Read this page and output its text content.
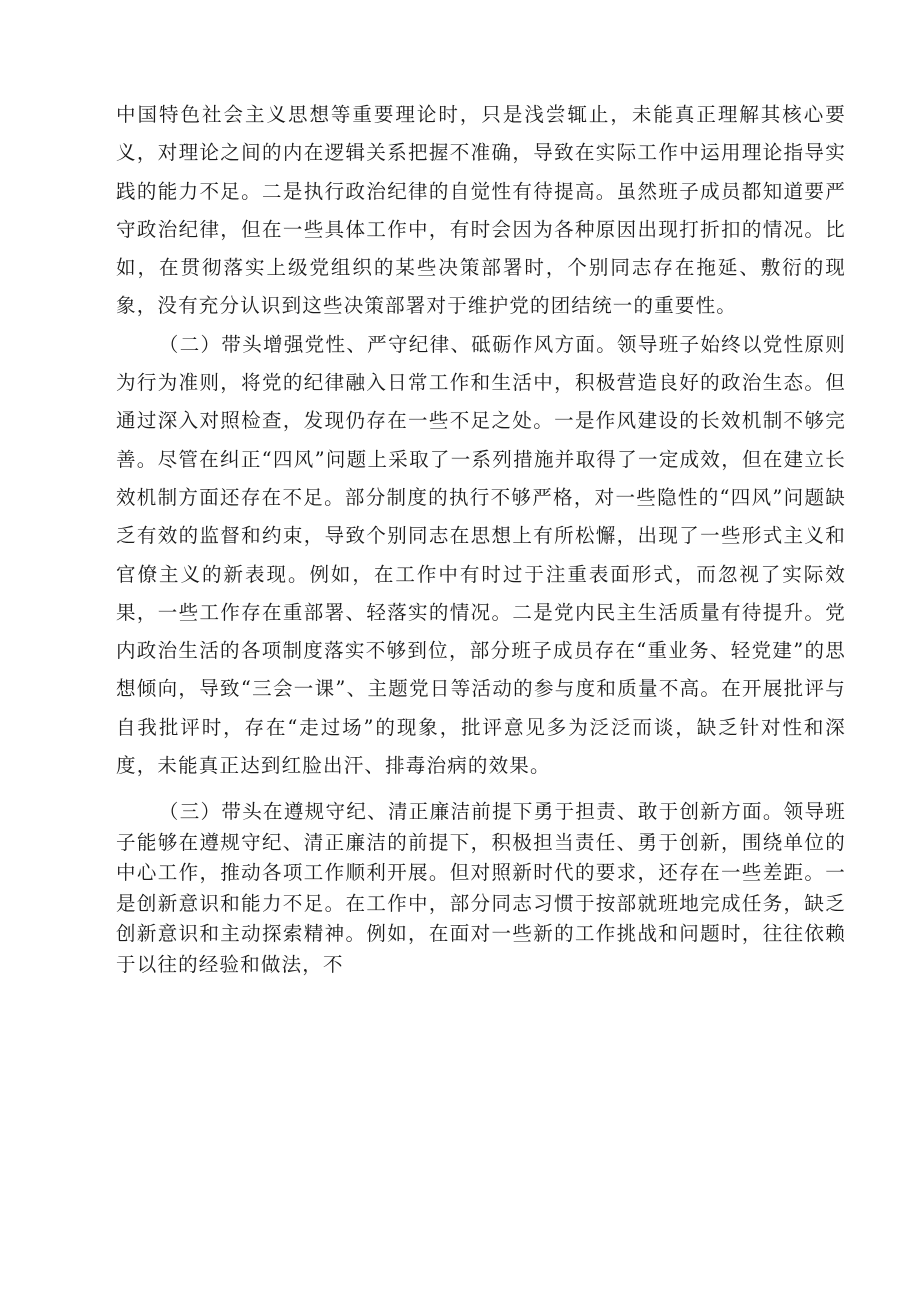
中国特色社会主义思想等重要理论时，只是浅尝辄止，未能真正理解其核心要义，对理论之间的内在逻辑关系把握不准确，导致在实际工作中运用理论指导实践的能力不足。二是执行政治纪律的自觉性有待提高。虽然班子成员都知道要严守政治纪律，但在一些具体工作中，有时会因为各种原因出现打折扣的情况。比如，在贯彻落实上级党组织的某些决策部署时，个别同志存在拖延、敷衍的现象，没有充分认识到这些决策部署对于维护党的团结统一的重要性。

（二）带头增强党性、严守纪律、砥砺作风方面。领导班子始终以党性原则为行为准则，将党的纪律融入日常工作和生活中，积极营造良好的政治生态。但通过深入对照检查，发现仍存在一些不足之处。一是作风建设的长效机制不够完善。尽管在纠正“四风”问题上采取了一系列措施并取得了一定成效，但在建立长效机制方面还存在不足。部分制度的执行不够严格，对一些隐性的“四风”问题缺乏有效的监督和约束，导致个别同志在思想上有所松懈，出现了一些形式主义和官僚主义的新表现。例如，在工作中有时过于注重表面形式，而忽视了实际效果，一些工作存在重部署、轻落实的情况。二是党内民主生活质量有待提升。党内政治生活的各项制度落实不够到位，部分班子成员存在“重业务、轻党建”的思想倾向，导致“三会一课”、主题党日等活动的参与度和质量不高。在开展批评与自我批评时，存在“走过场”的现象，批评意见多为泛泛而谈，缺乏针对性和深度，未能真正达到红脸出汗、排毒治病的效果。

（三）带头在遵规守纪、清正廉洁前提下勇于担责、敢于创新方面。领导班子能够在遵规守纪、清正廉洁的前提下，积极担当责任、勇于创新，围绕单位的中心工作，推动各项工作顺利开展。但对照新时代的要求，还存在一些差距。一是创新意识和能力不足。在工作中，部分同志习惯于按部就班地完成任务，缺乏创新意识和主动探索精神。例如，在面对一些新的工作挑战和问题时，往往依赖于以往的经验和做法，不
